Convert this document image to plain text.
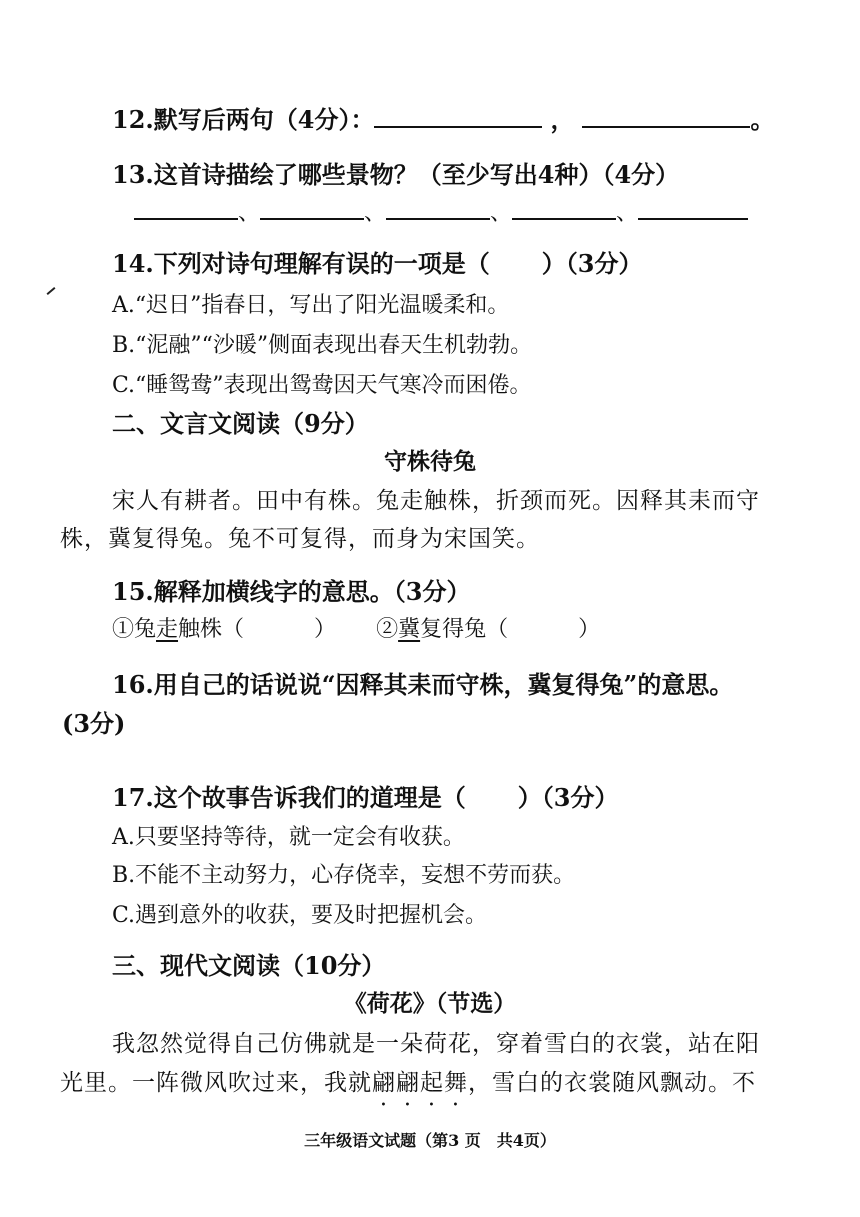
12.默写后两句（4分）：	，	。
13.这首诗描绘了哪些景物？（至少写出4种）（4分）
、	、	、	、
14.下列对诗句理解有误的一项是（ ）（3分）
A.“迟日”指春日，写出了阳光温暖柔和。
B.“泥融”“沙暖”侧面表现出春天生机勃勃。
C.“睡鸳鸯”表现出鸳鸯因天气寒冷而困倦。
二、文言文阅读（9分）
守株待兔
宋人有耕者。田中有株。兔走触株，折颈而死。因释其耒而守
株，冀复得兔。兔不可复得，而身为宋国笑。
15.解释加横线字的意思。（3分）
①兔走触株（	） ②冀复得兔（	）
16.用自己的话说说“因释其耒而守株，冀复得兔”的意思。
(3分)
17.这个故事告诉我们的道理是（ ）（3分）
A.只要坚持等待，就一定会有收获。
B.不能不主动努力，心存侥幸，妄想不劳而获。
C.遇到意外的收获，要及时把握机会。
三、现代文阅读（10分）
《荷花》（节选）
我忽然觉得自己仿佛就是一朵荷花，穿着雪白的衣裳，站在阳
光里。一阵微风吹过来，我就翩翩起舞，雪白的衣裳随风飘动。不
三年级语文试题（第3 页　共4页）
